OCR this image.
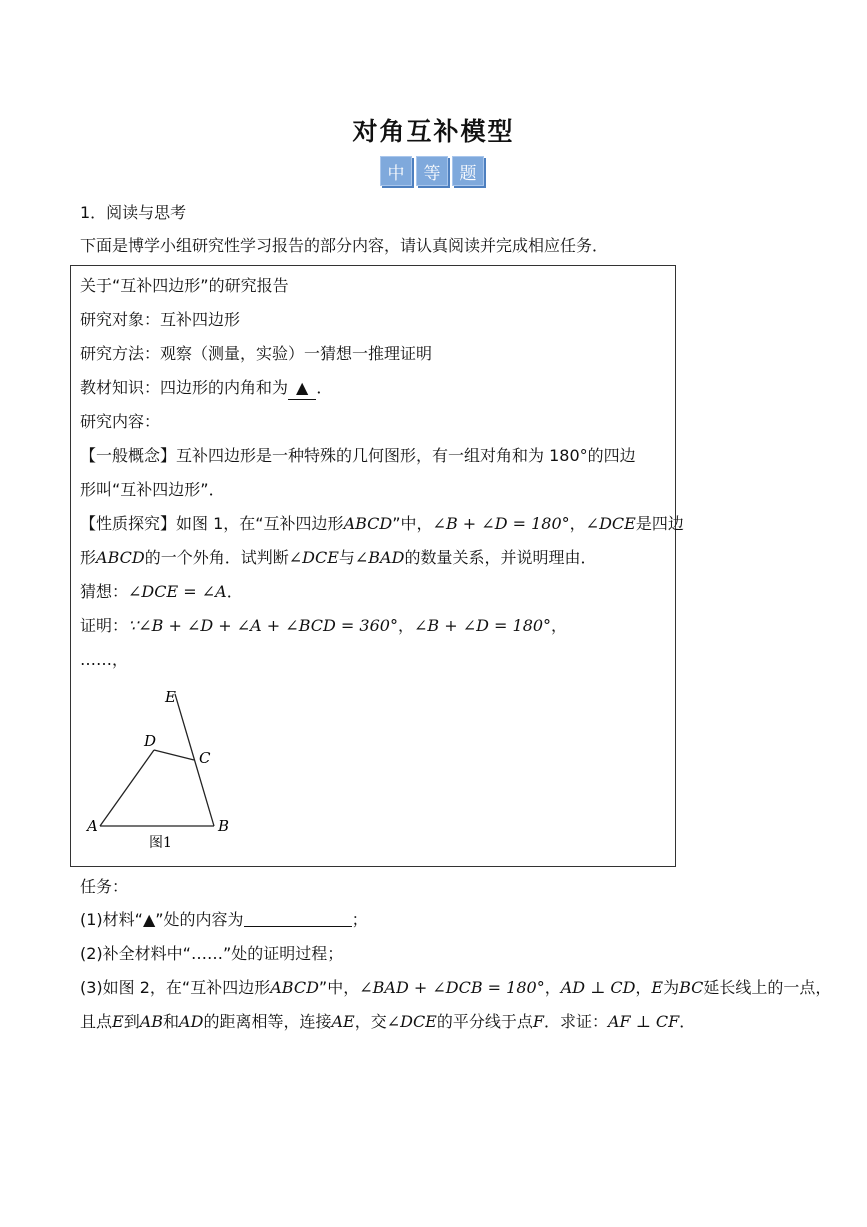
对角互补模型
中	等	题
1．阅读与思考
下面是博学小组研究性学习报告的部分内容，请认真阅读并完成相应任务．
关于“互补四边形”的研究报告
研究对象：互补四边形
研究方法：观察（测量，实验）一猜想一推理证明
教材知识：四边形的内角和为 ▲ ．
研究内容：
【一般概念】互补四边形是一种特殊的几何图形，有一组对角和为 180°的四边
形叫“互补四边形”．
【性质探究】如图 1，在“互补四边形ABCD”中，∠B + ∠D = 180°，∠DCE是四边
形ABCD的一个外角．试判断∠DCE与∠BAD的数量关系，并说明理由．
猜想：∠DCE = ∠A．
证明：∵∠B + ∠D + ∠A + ∠BCD = 360°，∠B + ∠D = 180°，
……，
E
D
C
A	B
图1
任务：
(1)材料“▲”处的内容为	；
(2)补全材料中“……”处的证明过程；
(3)如图 2，在“互补四边形ABCD”中，∠BAD + ∠DCB = 180°，AD ⊥ CD，E为BC延长线上的一点，
且点E到AB和AD的距离相等，连接AE，交∠DCE的平分线于点F．求证：AF ⊥ CF．
